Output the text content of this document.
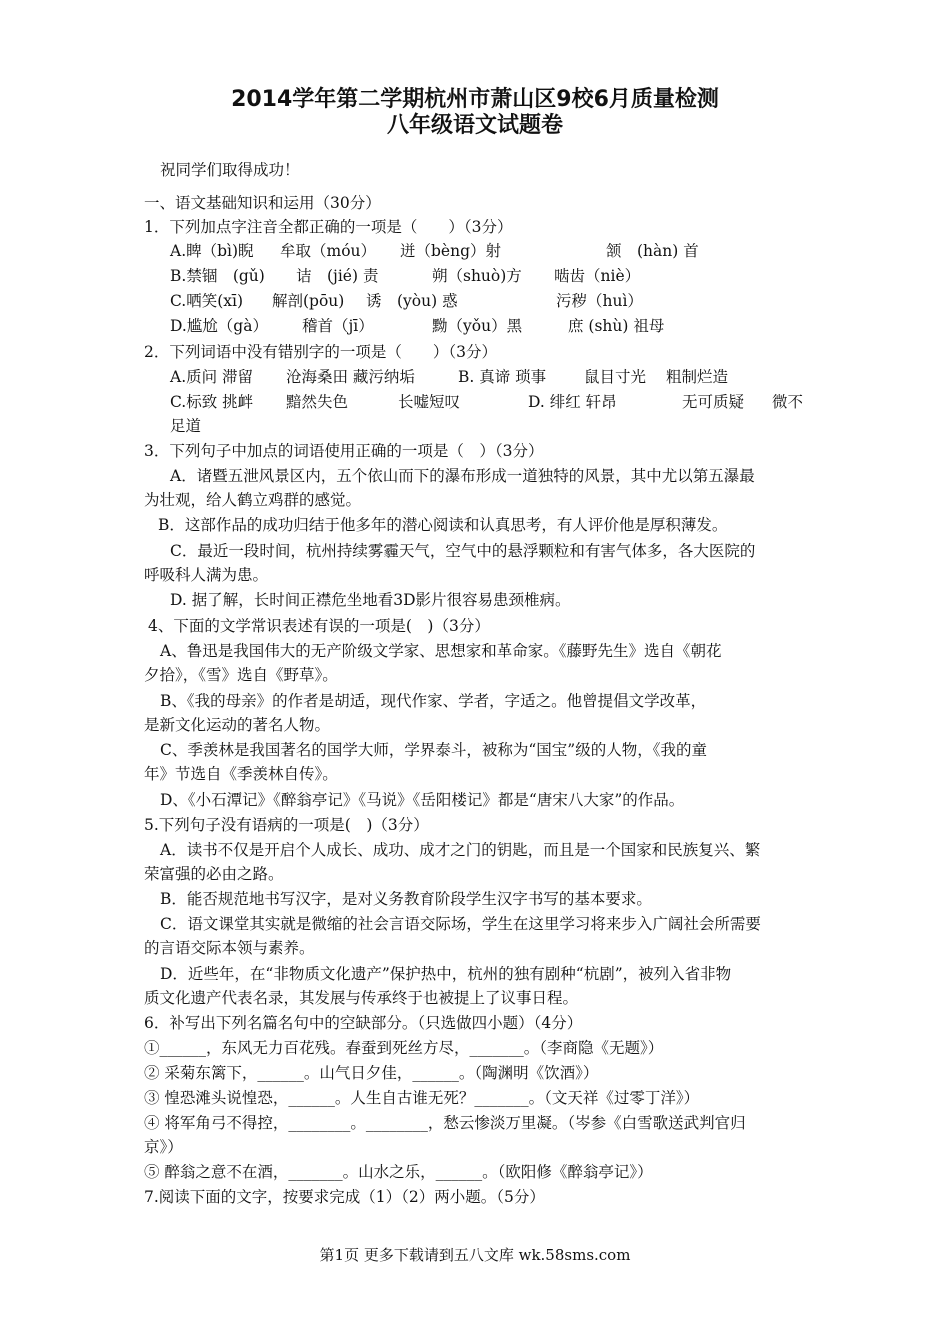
2014学年第二学期杭州市萧山区9校6月质量检测
八年级语文试题卷
祝同学们取得成功！
一、语文基础知识和运用（30分）
1．下列加点字注音全都正确的一项是（　　）（3分）
A.睥（bì)睨 牟取（móu） 迸（bèng）射	颔　(hàn) 首
B.禁锢　(gǔ) 诘　(jié) 责	朔（shuò)方 啮齿（niè）
C.哂笑(xī) 解剖(pōu) 诱　(yòu) 惑	污秽（huì）
D.尴尬（gà） 稽首（jī）	黝（yǒu）黑	庶 (shù) 祖母
2．下列词语中没有错别字的一项是（　　）（3分）
A.质问 滞留 沧海桑田 藏污纳垢	B. 真谛 琐事 鼠目寸光 粗制烂造
C.标致 挑衅 黯然失色	长嘘短叹	D. 绯红 轩昂	无可质疑 微不
足道
3．下列句子中加点的词语使用正确的一项是（　）（3分）
A．诸暨五泄风景区内，五个依山而下的瀑布形成一道独特的风景，其中尤以第五瀑最
为壮观，给人鹤立鸡群的感觉。
B．这部作品的成功归结于他多年的潜心阅读和认真思考，有人评价他是厚积薄发。
C．最近一段时间，杭州持续雾霾天气，空气中的悬浮颗粒和有害气体多，各大医院的
呼吸科人满为患。
D. 据了解，长时间正襟危坐地看3D影片很容易患颈椎病。
4、下面的文学常识表述有误的一项是(　)（3分）
A、鲁迅是我国伟大的无产阶级文学家、思想家和革命家。《藤野先生》选自《朝花
夕拾》，《雪》选自《野草》。
B、《我的母亲》的作者是胡适，现代作家、学者，字适之。他曾提倡文学改革，
是新文化运动的著名人物。
C、季羡林是我国著名的国学大师，学界泰斗，被称为“国宝”级的人物，《我的童
年》节选自《季羡林自传》。
D、《小石潭记》《醉翁亭记》《马说》《岳阳楼记》都是“唐宋八大家”的作品。
5.下列句子没有语病的一项是(　)（3分）
A．读书不仅是开启个人成长、成功、成才之门的钥匙，而且是一个国家和民族复兴、繁
荣富强的必由之路。
B．能否规范地书写汉字，是对义务教育阶段学生汉字书写的基本要求。
C．语文课堂其实就是微缩的社会言语交际场，学生在这里学习将来步入广阔社会所需要
的言语交际本领与素养。
D．近些年，在“非物质文化遗产”保护热中，杭州的独有剧种“杭剧”，被列入省非物
质文化遗产代表名录，其发展与传承终于也被提上了议事日程。
6．补写出下列名篇名句中的空缺部分。（只选做四小题）（4分）
①______，东风无力百花残。春蚕到死丝方尽，_______。（李商隐《无题》）
② 采菊东篱下，______。山气日夕佳，______。（陶渊明《饮酒》）
③ 惶恐滩头说惶恐，______。人生自古谁无死？_______。（文天祥《过零丁洋》）
④ 将军角弓不得控，________。________，愁云惨淡万里凝。（岑参《白雪歌送武判官归
京》）
⑤ 醉翁之意不在酒，_______。山水之乐，______。（欧阳修《醉翁亭记》）
7.阅读下面的文字，按要求完成（1）（2）两小题。（5分）
第1页 更多下载请到五八文库 wk.58sms.com
